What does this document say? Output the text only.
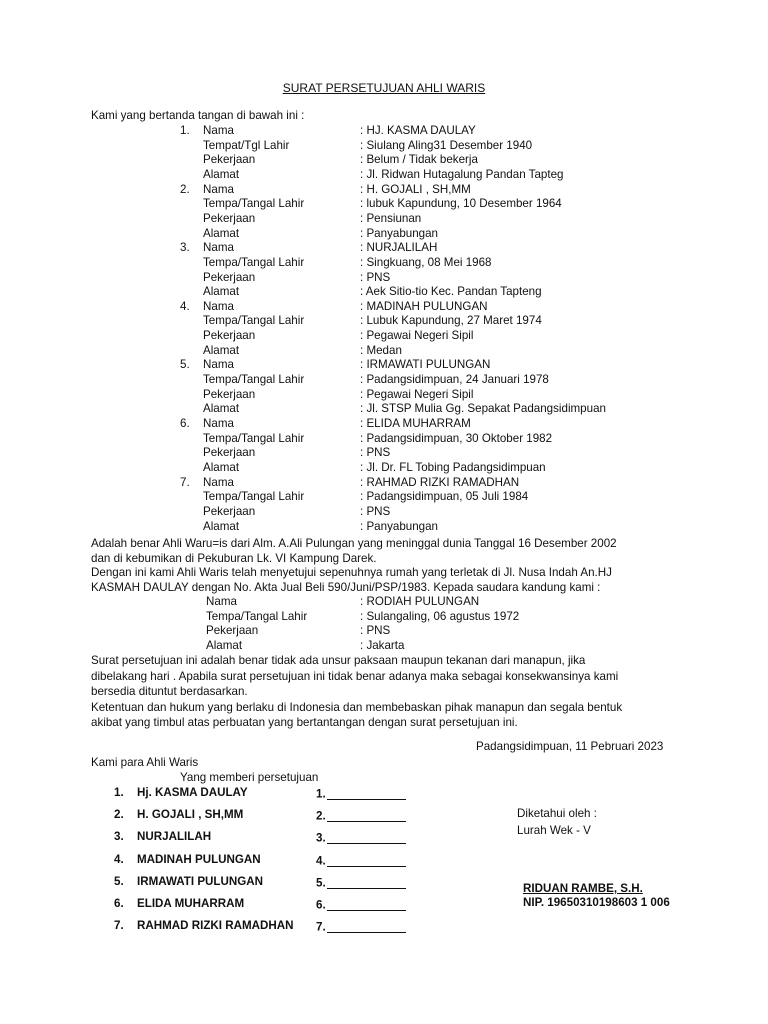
SURAT PERSETUJUAN AHLI WARIS
Kami yang bertanda tangan di bawah ini :
1. Nama	: HJ. KASMA DAULAY
Tempat/Tgl Lahir	: Siulang Aling31 Desember 1940
Pekerjaan	: Belum / Tidak bekerja
Alamat	: Jl. Ridwan Hutagalung Pandan Tapteg
2. Nama	: H. GOJALI , SH,MM
Tempa/Tangal Lahir	: lubuk Kapundung, 10 Desember 1964
Pekerjaan	: Pensiunan
Alamat	: Panyabungan
3. Nama	: NURJALILAH
Tempa/Tangal Lahir	: Singkuang, 08 Mei 1968
Pekerjaan	: PNS
Alamat	: Aek Sitio-tio Kec. Pandan Tapteng
4. Nama	: MADINAH PULUNGAN
Tempa/Tangal Lahir	: Lubuk Kapundung, 27 Maret 1974
Pekerjaan	: Pegawai Negeri Sipil
Alamat	: Medan
5. Nama	: IRMAWATI PULUNGAN
Tempa/Tangal Lahir	: Padangsidimpuan, 24 Januari 1978
Pekerjaan	: Pegawai Negeri Sipil
Alamat	: Jl. STSP Mulia Gg. Sepakat Padangsidimpuan
6. Nama	: ELIDA MUHARRAM
Tempa/Tangal Lahir	: Padangsidimpuan, 30 Oktober 1982
Pekerjaan	: PNS
Alamat	: Jl. Dr. FL Tobing Padangsidimpuan
7. Nama	: RAHMAD RIZKI RAMADHAN
Tempa/Tangal Lahir	: Padangsidimpuan, 05 Juli 1984
Pekerjaan	: PNS
Alamat	: Panyabungan
Adalah benar Ahli Waru=is dari Alm. A.Ali Pulungan yang meninggal dunia Tanggal 16 Desember 2002
dan di kebumikan di Pekuburan Lk. VI Kampung Darek.
Dengan ini kami Ahli Waris telah menyetujui sepenuhnya rumah yang terletak di Jl. Nusa Indah An.HJ
KASMAH DAULAY dengan No. Akta Jual Beli 590/Juni/PSP/1983. Kepada saudara kandung kami :
Nama	: RODIAH PULUNGAN
Tempa/Tangal Lahir	: Sulangaling, 06 agustus 1972
Pekerjaan	: PNS
Alamat	: Jakarta
Surat persetujuan ini adalah benar tidak ada unsur paksaan maupun tekanan dari manapun, jika
dibelakang hari . Apabila surat persetujuan ini tidak benar adanya maka sebagai konsekwansinya kami
bersedia dituntut berdasarkan.
Ketentuan dan hukum yang berlaku di Indonesia dan membebaskan pihak manapun dan segala bentuk
akibat yang timbul atas perbuatan yang bertantangan dengan surat persetujuan ini.
Padangsidimpuan, 11 Pebruari 2023
Kami para Ahli Waris
Yang memberi persetujuan
1. Hj. KASMA DAULAY	1.
2. H. GOJALI , SH,MM	2.
3. NURJALILAH	3.
4. MADINAH PULUNGAN	4.
5. IRMAWATI PULUNGAN	5.
6. ELIDA MUHARRAM	6.
7. RAHMAD RIZKI RAMADHAN 7.
Diketahui oleh :
Lurah Wek - V
RIDUAN RAMBE, S.H.
NIP. 19650310198603 1 006
